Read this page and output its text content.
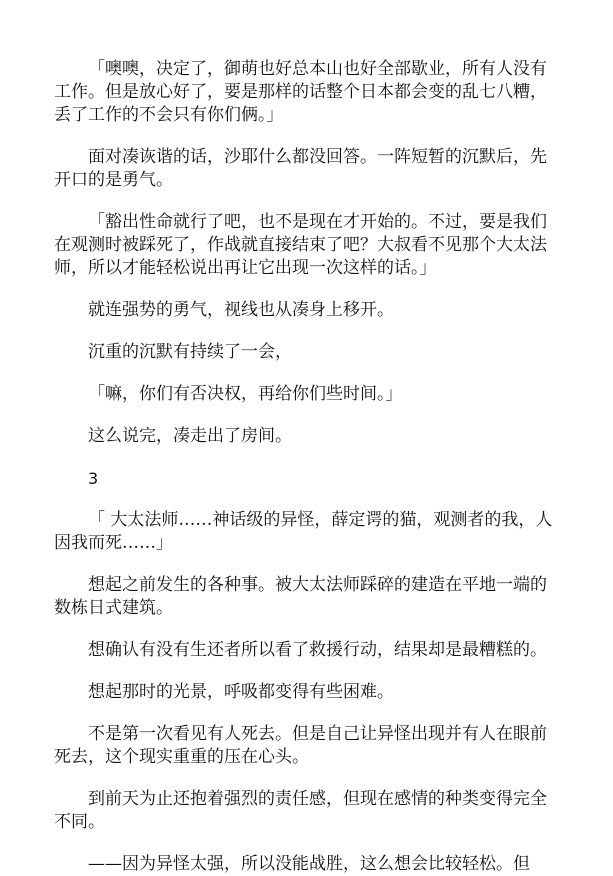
「噢噢，决定了，御萌也好总本山也好全部歇业，所有人没有工作。但是放心好了，要是那样的话整个日本都会变的乱七八糟，丢了工作的不会只有你们俩。」

面对凑诙谐的话，沙耶什么都没回答。一阵短暂的沉默后，先开口的是勇气。

「豁出性命就行了吧，也不是现在才开始的。不过，要是我们在观测时被踩死了，作战就直接结束了吧？大叔看不见那个大太法师，所以才能轻松说出再让它出现一次这样的话。」

就连强势的勇气，视线也从凑身上移开。

沉重的沉默有持续了一会，

「嘛，你们有否决权，再给你们些时间。」

这么说完，凑走出了房间。

3

「 大太法师……神话级的异怪，薛定谔的猫，观测者的我，人因我而死……」

想起之前发生的各种事。被大太法师踩碎的建造在平地一端的数栋日式建筑。

想确认有没有生还者所以看了救援行动，结果却是最糟糕的。

想起那时的光景，呼吸都变得有些困难。

不是第一次看见有人死去。但是自己让异怪出现并有人在眼前死去，这个现实重重的压在心头。

到前天为止还抱着强烈的责任感，但现在感情的种类变得完全不同。

——因为异怪太强，所以没能战胜，这么想会比较轻松。但
